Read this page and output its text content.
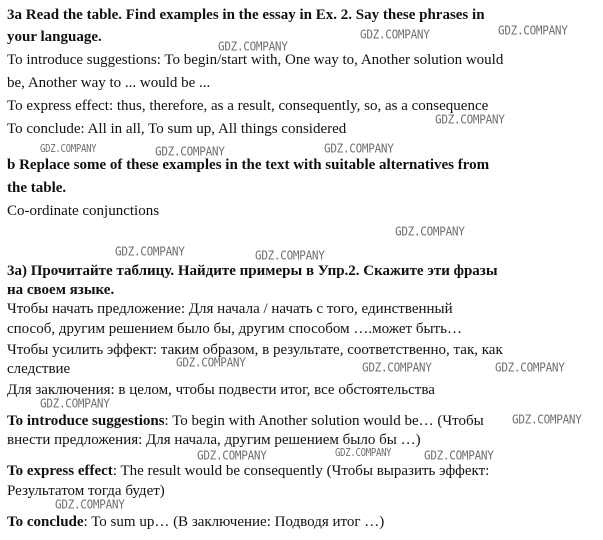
3a Read the table. Find examples in the essay in Ex. 2. Say these phrases in
your language.
To introduce suggestions: To begin/start with, One way to, Another solution would
be, Another way to ... would be ...
To express effect: thus, therefore, as a result, consequently, so, as a consequence
To conclude: All in all, To sum up, All things considered
b Replace some of these examples in the text with suitable alternatives from
the table.
Co-ordinate conjunctions
3а) Прочитайте таблицу. Найдите примеры в Упр.2. Скажите эти фразы
на своем языке.
Чтобы начать предложение: Для начала / начать с того, единственный
способ, другим решением было бы, другим способом ….может быть…
Чтобы усилить эффект: таким образом, в результате, соответственно, так, как
следствие
Для заключения: в целом, чтобы подвести итог, все обстоятельства
To introduce suggestions: To begin with Another solution would be… (Чтобы
внести предложения: Для начала, другим решением было бы …)
To express effect: The result would be consequently (Чтобы выразить эффект:
Результатом тогда будет)
To conclude: To sum up… (В заключение: Подводя итог …)
GDZ.COMPANY
GDZ.COMPANY	GDZ.COMPANY
GDZ.COMPANY
GDZ.COMPANY	GDZ.COMPANY	GDZ.COMPANY
GDZ.COMPANY
GDZ.COMPANY	GDZ.COMPANY
GDZ.COMPANY	GDZ.COMPANY	GDZ.COMPANY
GDZ.COMPANY
GDZ.COMPANY
GDZ.COMPANY	GDZ.COMPANY	GDZ.COMPANY
GDZ.COMPANY
